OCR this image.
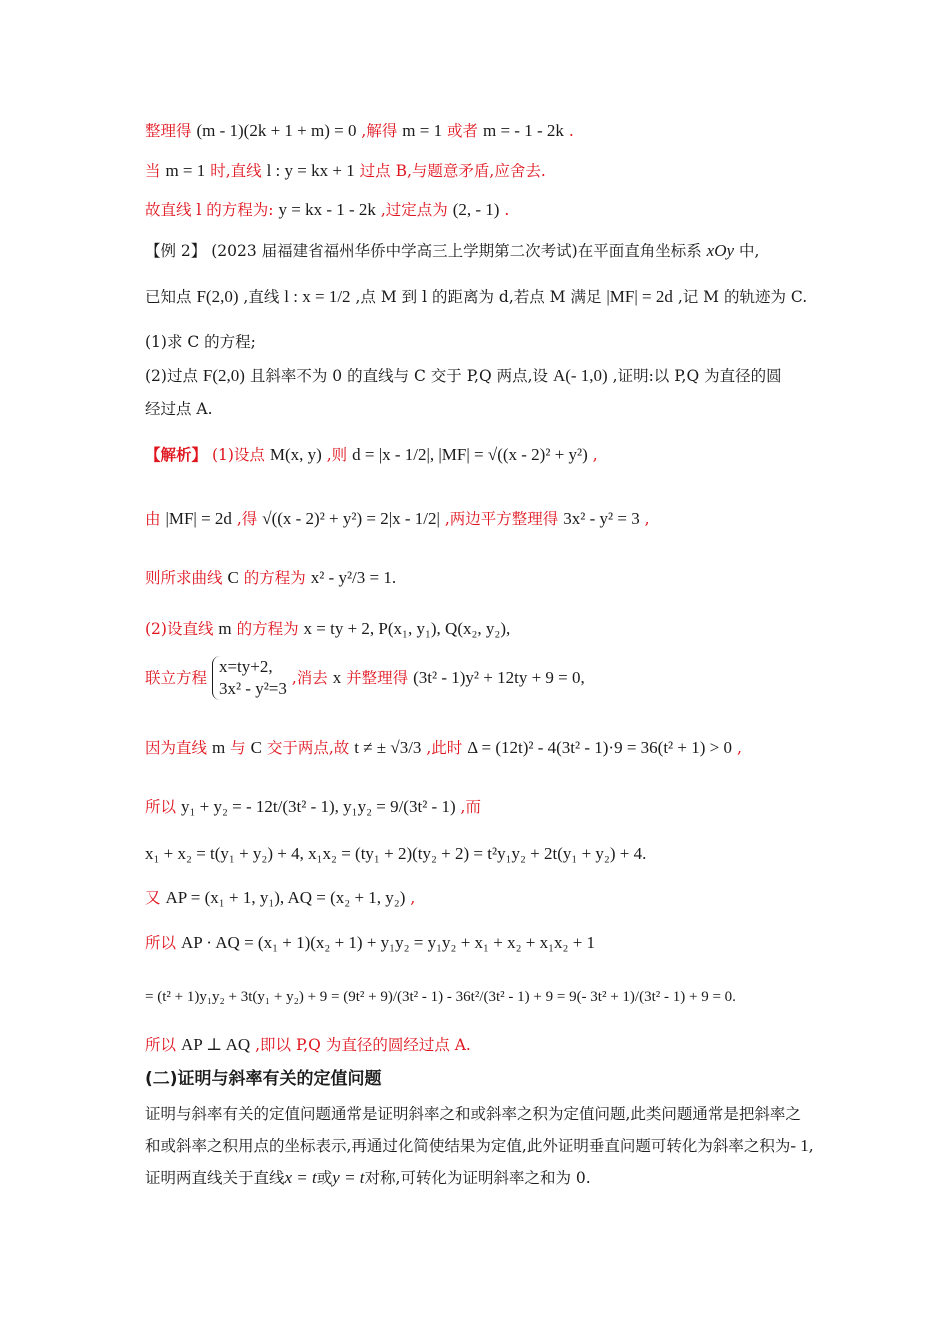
整理得 (m - 1)(2k + 1 + m) = 0 ,解得 m = 1 或者 m = - 1 - 2k .
当 m = 1 时,直线 l : y = kx + 1 过点 B,与题意矛盾,应舍去.
故直线 l 的方程为: y = kx - 1 - 2k ,过定点为 (2, - 1) .
【例 2】 (2023 届福建省福州华侨中学高三上学期第二次考试)在平面直角坐标系 xOy 中,
已知点 F(2,0) ,直线 l : x = 1/2 ,点 M 到 l 的距离为 d,若点 M 满足 |MF| = 2d ,记 M 的轨迹为 C.
(1)求 C 的方程;
(2)过点 F(2,0) 且斜率不为 0 的直线与 C 交于 P,Q 两点,设 A(- 1,0) ,证明:以 P,Q 为直径的圆
经过点 A.
【解析】 (1)设点 M(x, y) ,则 d = |x - 1/2|, |MF| = √((x - 2)² + y²) ,
由 |MF| = 2d ,得 √((x - 2)² + y²) = 2|x - 1/2| ,两边平方整理得 3x² - y² = 3 ,
则所求曲线 C 的方程为 x² - y²/3 = 1.
(2)设直线 m 的方程为 x = ty + 2, P(x₁, y₁), Q(x₂, y₂),
联立方程
x=ty+2,
3x² - y²=3
,消去 x 并整理得 (3t² - 1)y² + 12ty + 9 = 0,
因为直线 m 与 C 交于两点,故 t ≠ ± √3/3 ,此时 Δ = (12t)² - 4(3t² - 1)·9 = 36(t² + 1) > 0 ,
所以 y₁ + y₂ = - 12t/(3t² - 1), y₁y₂ = 9/(3t² - 1) ,而
x₁ + x₂ = t(y₁ + y₂) + 4, x₁x₂ = (ty₁ + 2)(ty₂ + 2) = t²y₁y₂ + 2t(y₁ + y₂) + 4.
又 AP = (x₁ + 1, y₁), AQ = (x₂ + 1, y₂) ,
所以 AP · AQ = (x₁ + 1)(x₂ + 1) + y₁y₂ = y₁y₂ + x₁ + x₂ + x₁x₂ + 1
= (t² + 1)y₁y₂ + 3t(y₁ + y₂) + 9 = (9t² + 9)/(3t² - 1) - 36t²/(3t² - 1) + 9 = 9(- 3t² + 1)/(3t² - 1) + 9 = 0.
所以 AP ⊥ AQ ,即以 P,Q 为直径的圆经过点 A.
(二)证明与斜率有关的定值问题
证明与斜率有关的定值问题通常是证明斜率之和或斜率之积为定值问题,此类问题通常是把斜率之和或斜率之积用点的坐标表示,再通过化简使结果为定值,此外证明垂直问题可转化为斜率之积为- 1,证明两直线关于直线x = t或y = t对称,可转化为证明斜率之和为 0.
